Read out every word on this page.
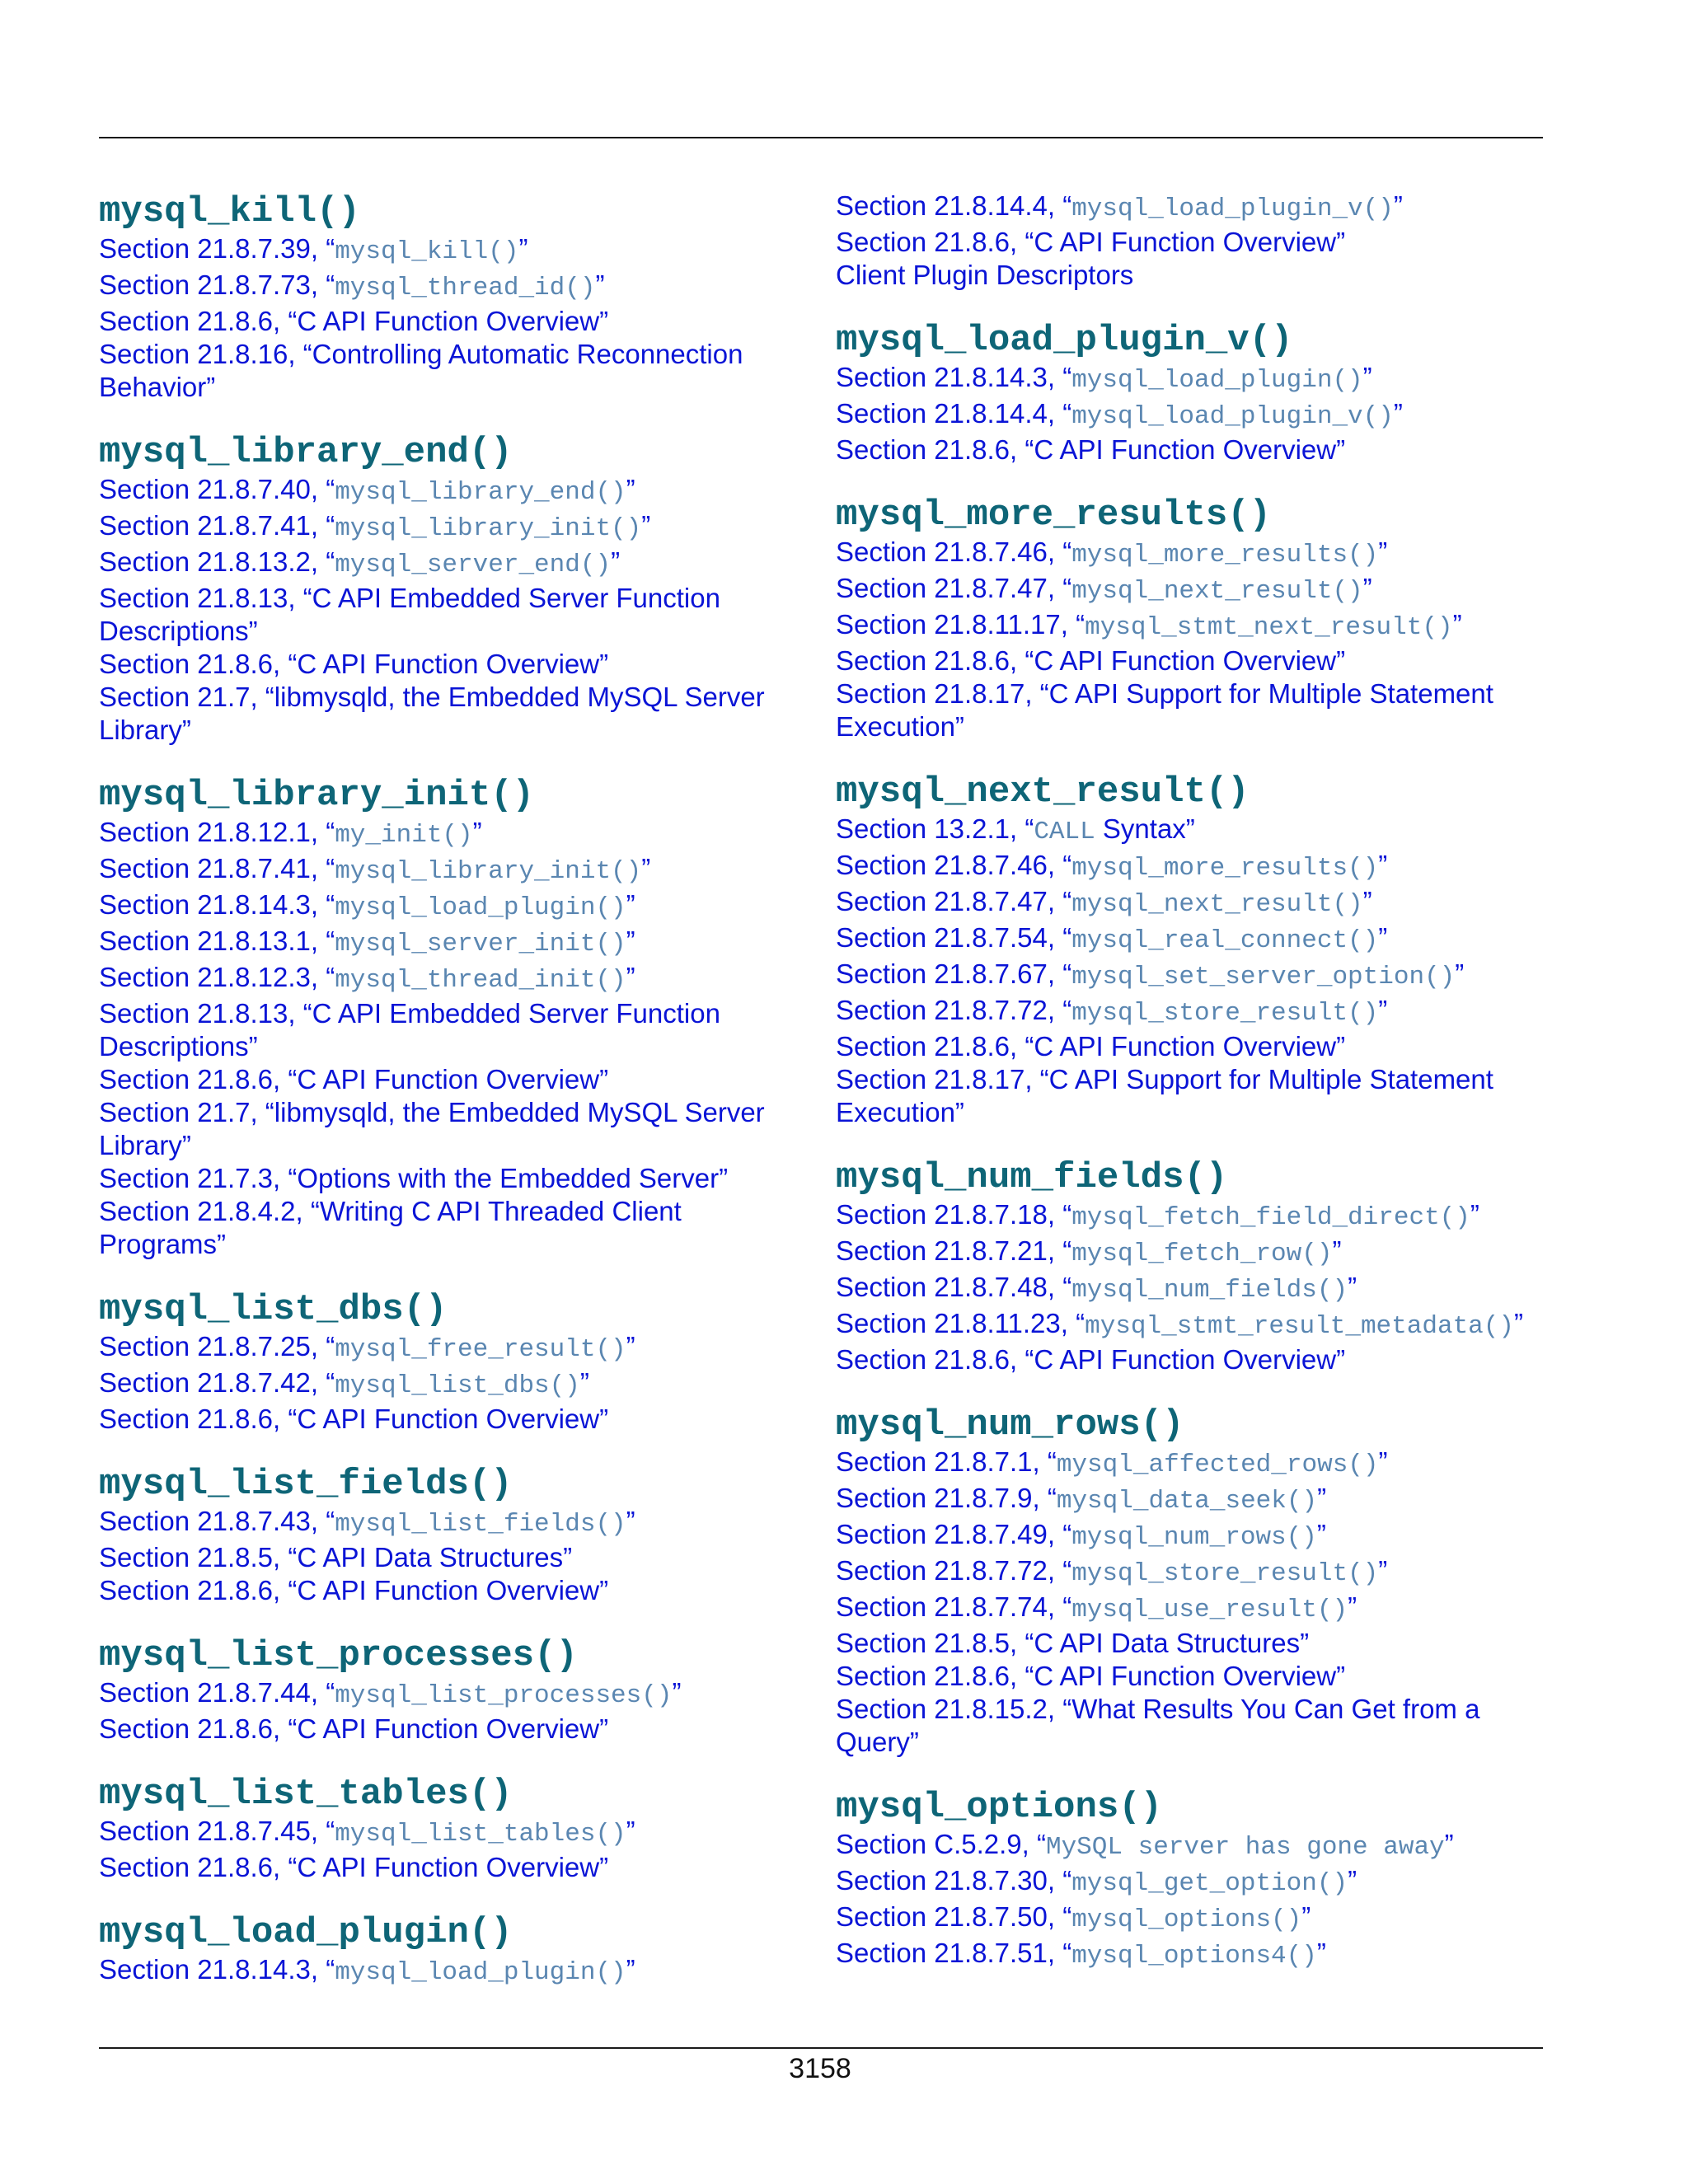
mysql_kill()
Section 21.8.7.39, “mysql_kill()”
Section 21.8.7.73, “mysql_thread_id()”
Section 21.8.6, “C API Function Overview”
Section 21.8.16, “Controlling Automatic Reconnection Behavior”
mysql_library_end()
Section 21.8.7.40, “mysql_library_end()”
Section 21.8.7.41, “mysql_library_init()”
Section 21.8.13.2, “mysql_server_end()”
Section 21.8.13, “C API Embedded Server Function Descriptions”
Section 21.8.6, “C API Function Overview”
Section 21.7, “libmysqld, the Embedded MySQL Server Library”
mysql_library_init()
Section 21.8.12.1, “my_init()”
Section 21.8.7.41, “mysql_library_init()”
Section 21.8.14.3, “mysql_load_plugin()”
Section 21.8.13.1, “mysql_server_init()”
Section 21.8.12.3, “mysql_thread_init()”
Section 21.8.13, “C API Embedded Server Function Descriptions”
Section 21.8.6, “C API Function Overview”
Section 21.7, “libmysqld, the Embedded MySQL Server Library”
Section 21.7.3, “Options with the Embedded Server”
Section 21.8.4.2, “Writing C API Threaded Client Programs”
mysql_list_dbs()
Section 21.8.7.25, “mysql_free_result()”
Section 21.8.7.42, “mysql_list_dbs()”
Section 21.8.6, “C API Function Overview”
mysql_list_fields()
Section 21.8.7.43, “mysql_list_fields()”
Section 21.8.5, “C API Data Structures”
Section 21.8.6, “C API Function Overview”
mysql_list_processes()
Section 21.8.7.44, “mysql_list_processes()”
Section 21.8.6, “C API Function Overview”
mysql_list_tables()
Section 21.8.7.45, “mysql_list_tables()”
Section 21.8.6, “C API Function Overview”
mysql_load_plugin()
Section 21.8.14.3, “mysql_load_plugin()”
Section 21.8.14.4, “mysql_load_plugin_v()”
Section 21.8.6, “C API Function Overview”
Client Plugin Descriptors
mysql_load_plugin_v()
Section 21.8.14.3, “mysql_load_plugin()”
Section 21.8.14.4, “mysql_load_plugin_v()”
Section 21.8.6, “C API Function Overview”
mysql_more_results()
Section 21.8.7.46, “mysql_more_results()”
Section 21.8.7.47, “mysql_next_result()”
Section 21.8.11.17, “mysql_stmt_next_result()”
Section 21.8.6, “C API Function Overview”
Section 21.8.17, “C API Support for Multiple Statement Execution”
mysql_next_result()
Section 13.2.1, “CALL Syntax”
Section 21.8.7.46, “mysql_more_results()”
Section 21.8.7.47, “mysql_next_result()”
Section 21.8.7.54, “mysql_real_connect()”
Section 21.8.7.67, “mysql_set_server_option()”
Section 21.8.7.72, “mysql_store_result()”
Section 21.8.6, “C API Function Overview”
Section 21.8.17, “C API Support for Multiple Statement Execution”
mysql_num_fields()
Section 21.8.7.18, “mysql_fetch_field_direct()”
Section 21.8.7.21, “mysql_fetch_row()”
Section 21.8.7.48, “mysql_num_fields()”
Section 21.8.11.23, “mysql_stmt_result_metadata()”
Section 21.8.6, “C API Function Overview”
mysql_num_rows()
Section 21.8.7.1, “mysql_affected_rows()”
Section 21.8.7.9, “mysql_data_seek()”
Section 21.8.7.49, “mysql_num_rows()”
Section 21.8.7.72, “mysql_store_result()”
Section 21.8.7.74, “mysql_use_result()”
Section 21.8.5, “C API Data Structures”
Section 21.8.6, “C API Function Overview”
Section 21.8.15.2, “What Results You Can Get from a Query”
mysql_options()
Section C.5.2.9, “MySQL server has gone away”
Section 21.8.7.30, “mysql_get_option()”
Section 21.8.7.50, “mysql_options()”
Section 21.8.7.51, “mysql_options4()”
3158
